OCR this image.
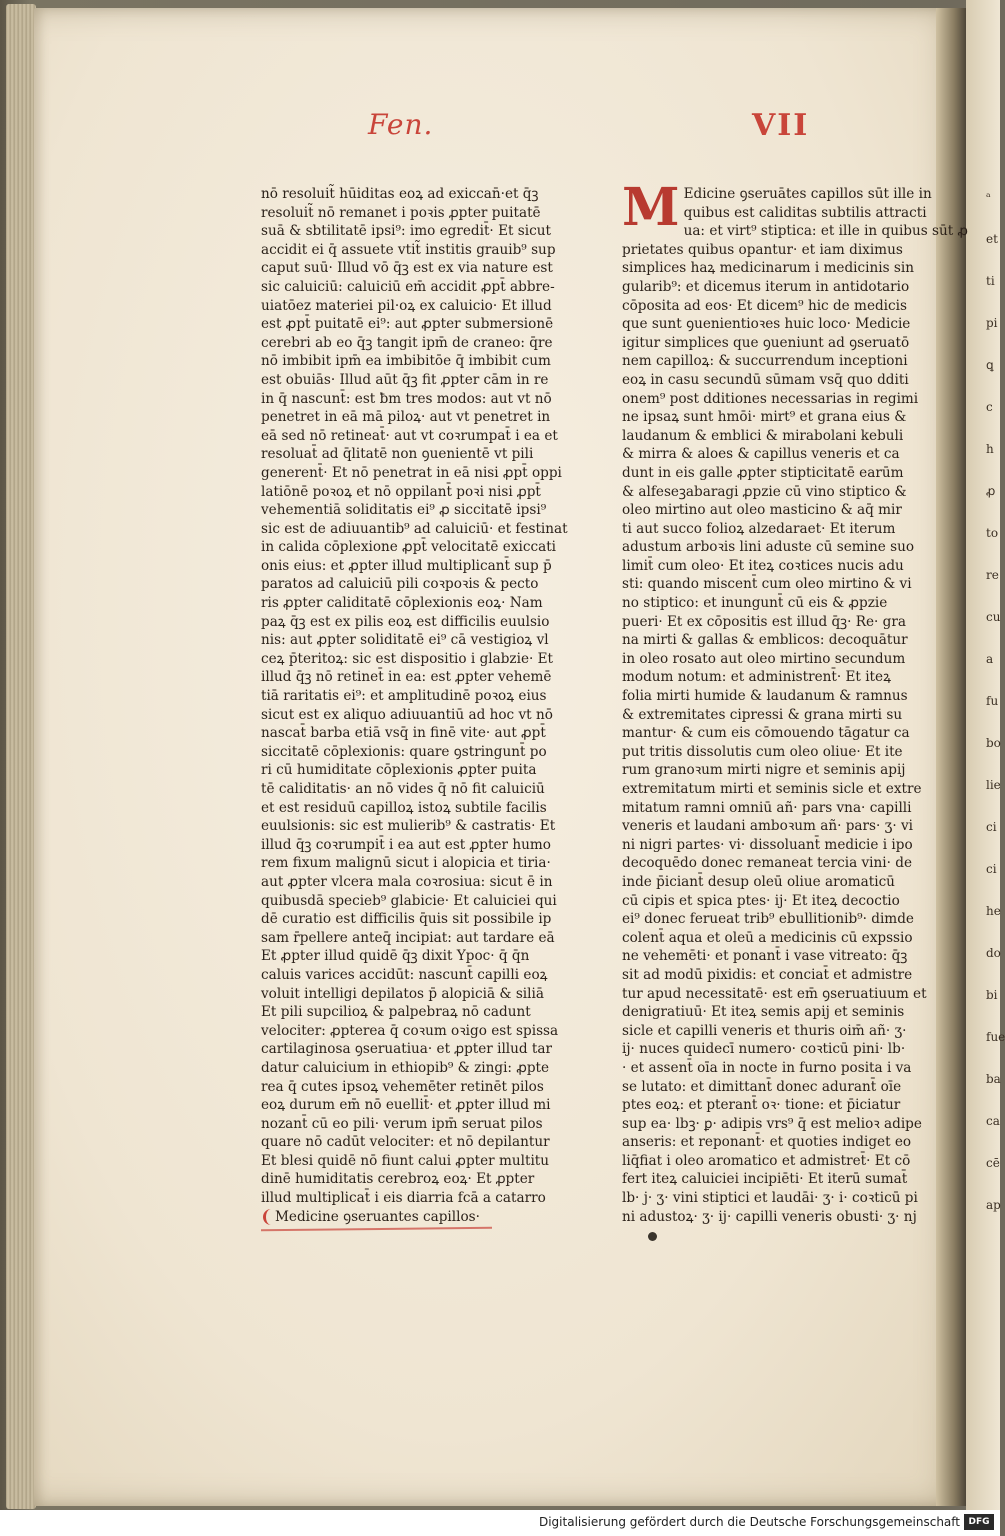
ᵃ
et
ti
pi
ꝗ
c
h
ꝓ
to
re
cu
a
fu
bo
lie
ci
ci
he
do
bi
fue
ba
ca
cē
ap
Fen.	VII
nō resoluit̃ hūiditas eoꝝ ad exiccan̄·et q̄ꝫ
resoluit̃ nō remanet i poꝛis ꝓpter puitatē
suā & sbtilitatē ipsi⁹: imo egredit̄· Et sicut
accidit ei q̄ assuete vtit̃ institis grauib⁹ sup
caput suū· Illud vō q̄ꝫ est ex via nature est
sic caluiciū: caluiciū em̄ accidit ꝓpt̄ abbre-
uiatōez materiei pil·oꝝ ex caluicio· Et illud
est ꝓpt̄ puitatē ei⁹: aut ꝓpter submersionē
cerebri ab eo q̄ꝫ tangit ipm̄ de craneo: q̄re
nō imbibit ipm̄ ea imbibitōe q̄ imbibit cum
est obuiās· Illud aūt q̄ꝫ fit ꝓpter cām in re
in q̄ nascunt̄: est ƀm tres modos: aut vt nō
penetret in eā mā piloꝝ· aut vt penetret in
eā sed nō retineat̄· aut vt coꝛrumpat̄ i ea et
resoluat̄ ad q̄litatē non ꝯuenientē vt pili
generent̄· Et nō penetrat in eā nisi ꝓpt̄ oppi
latiōnē poꝛoꝝ et nō oppilant̄ poꝛi nisi ꝓpt̄
vehementiā soliditatis ei⁹ ꝓ siccitatē ipsi⁹
sic est de adiuuantib⁹ ad caluiciū· et festinat
in calida cōplexione ꝓpt̄ velocitatē exiccati
onis eius: et ꝓpter illud multiplicant̄ sup p̄
paratos ad caluiciū pili coꝛpoꝛis & pecto
ris ꝓpter caliditatē cōplexionis eoꝝ· Nam
paꝝ q̄ꝫ est ex pilis eoꝝ est difficilis euulsio
nis: aut ꝓpter soliditatē ei⁹ cā vestigioꝝ vl
ceꝝ p̄teritoꝝ: sic est dispositio i glabzie· Et
illud q̄ꝫ nō retinet̄ in ea: est ꝓpter vehemē
tiā raritatis ei⁹: et amplitudinē poꝛoꝝ eius
sicut est ex aliquo adiuuantiū ad hoc vt nō
nascat̄ barba etiā vsq̄ in finē vite· aut ꝓpt̄
siccitatē cōplexionis: quare ꝯstringunt̄ po
ri cū humiditate cōplexionis ꝓpter puita
tē caliditatis· an nō vides q̄ nō fit caluiciū
et est residuū capilloꝝ istoꝝ subtile facilis
euulsionis: sic est mulierib⁹ & castratis· Et
illud q̄ꝫ coꝛrumpit̄ i ea aut est ꝓpter humo
rem fixum malignū sicut i alopicia et tiria·
aut ꝓpter vlcera mala coꝛrosiua: sicut ē in
quibusdā specieb⁹ glabicie· Et caluiciei qui
dē curatio est difficilis q̄uis sit possibile ip
sam r̄pellere anteq̄ incipiat: aut tardare eā
Et ꝓpter illud quidē q̄ꝫ dixit Ypoc· q̄ q̄n
caluis varices accidūt: nascunt̄ capilli eoꝝ
voluit intelligi depilatos p̄ alopiciā & siliā
Et pili supcilioꝝ & palpebraꝝ nō cadunt
velociter: ꝓpterea q̄ coꝛum oꝛigo est spissa
cartilaginosa ꝯseruatiua· et ꝓpter illud tar
datur caluicium in ethiopib⁹ & zingi: ꝓpte
rea q̄ cutes ipsoꝝ vehemēter retinēt pilos
eoꝝ durum em̄ nō euellit̄· et ꝓpter illud mi
nozant̄ cū eo pili· verum ipm̄ seruat pilos
quare nō cadūt velociter: et nō depilantur
Et blesi quidē nō fiunt calui ꝓpter multitu
dinē humiditatis cerebroꝝ eoꝝ· Et ꝓpter
illud multiplicat̄ i eis diarria fcā a catarro
Medicine ꝯseruantes capillos·
M Edicine ꝯseruātes capillos sūt ille in
quibus est caliditas subtilis attracti
ua: et virt⁹ stiptica: et ille in quibus sūt ꝓ
prietates quibus opantur· et iam diximus
simplices haꝝ medicinarum i medicinis sin
gularib⁹: et dicemus iterum in antidotario
cōposita ad eos· Et dicem⁹ hic de medicis
que sunt ꝯuenientioꝛes huic loco· Medicie
igitur simplices que ꝯueniunt ad ꝯseruatō
nem capilloꝝ: & succurrendum inceptioni
eoꝝ in casu secundū sūmam vsq̄ quo dditi
onem⁹ post dditiones necessarias in regimi
ne ipsaꝝ sunt hmōi· mirt⁹ et grana eius &
laudanum & emblici & mirabolani kebuli
& mirra & aloes & capillus veneris et ca
dunt in eis galle ꝓpter stipticitatē earūm
& alfeseꝫabaragi ꝓpzie cū vino stiptico &
oleo mirtino aut oleo masticino & aq̄ mir
ti aut succo folioꝝ alzedaraet· Et iterum
adustum arboꝛis lini aduste cū semine suo
limit̄ cum oleo· Et iteꝝ coꝛtices nucis adu
sti: quando miscent̄ cum oleo mirtino & vi
no stiptico: et inungunt̄ cū eis & ꝓpzie
pueri· Et ex cōpositis est illud q̄ꝫ· Re· gra
na mirti & gallas & emblicos: decoquātur
in oleo rosato aut oleo mirtino secundum
modum notum: et administrent̄· Et iteꝝ
folia mirti humide & laudanum & ramnus
& extremitates cipressi & grana mirti su
mantur· & cum eis cōmouendo tāgatur ca
put tritis dissolutis cum oleo oliue· Et ite
rum granoꝛum mirti nigre et seminis apij
extremitatum mirti et seminis sicle et extre
mitatum ramni omniū añ· pars vna· capilli
veneris et laudani amboꝛum añ· pars· ʒ· vi
ni nigri partes· vi· dissoluant̄ medicie i ipo
decoquēdo donec remaneat tercia vini· de
inde p̄iciant̄ desup oleū oliue aromaticū
cū cipis et spica ptes· ij· Et iteꝝ decoctio
ei⁹ donec ferueat trib⁹ ebullitionib⁹· dimde
colent̄ aqua et oleū a medicinis cū expssio
ne vehemēti· et ponant̄ i vase vitreato: q̄ꝫ
sit ad modū pixidis: et conciat̄ et admistre
tur apud necessitatē· est em̄ ꝯseruatiuum et
denigratiuū· Et iteꝝ semis apij et seminis
sicle et capilli veneris et thuris oim̄ añ· ʒ·
ij· nuces quidecī numero· coꝛticū pini· lb·
· et assent̄ oīa in nocte in furno posita i va
se lutato: et dimittant̄ donec adurant̄ oīe
ptes eoꝝ: et pterant̄ oꝛ· tione: et p̄iciatur
sup ea· lbꝫ· ꝑ· adipis vrs⁹ q̄ est melioꝛ adipe
anseris: et reponant̄· et quoties indiget eo
liq̄fiat i oleo aromatico et admistret̄· Et cō
fert iteꝝ caluiciei incipiēti· Et iterū sumat̄
lb· j· ʒ· vini stiptici et laudāi· ʒ· i· coꝛticū pi
ni adustoꝝ· ʒ· ij· capilli veneris obusti· ʒ· nj
Digitalisierung gefördert durch die Deutsche Forschungsgemeinschaft DFG
